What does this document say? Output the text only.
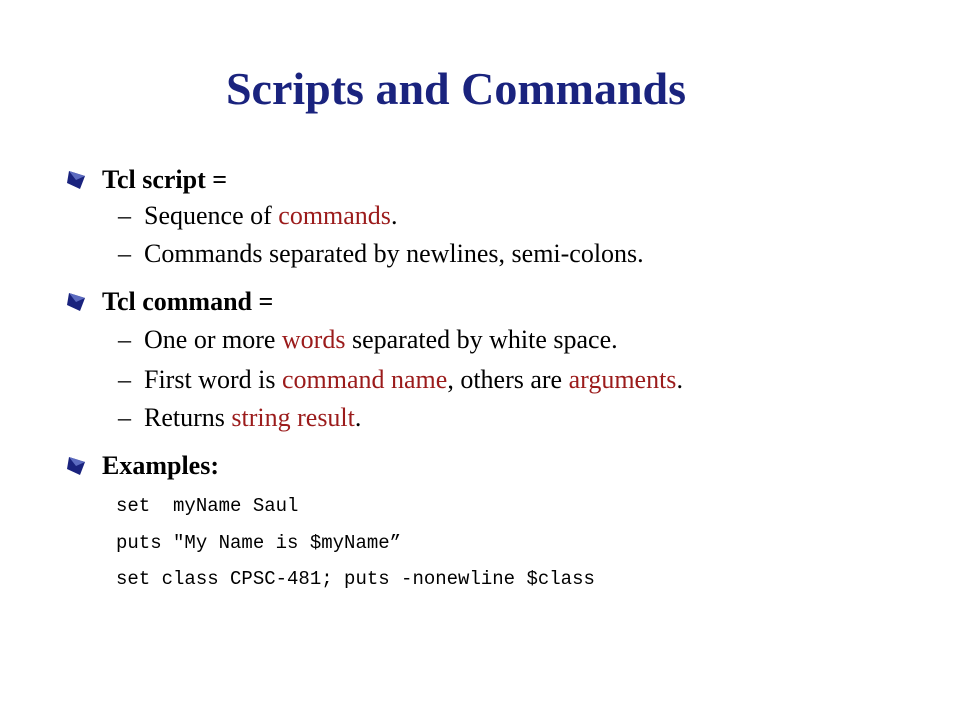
Scripts and Commands
Tcl script =
– Sequence of commands.
– Commands separated by newlines, semi-colons.
Tcl command =
– One or more words separated by white space.
– First word is command name, others are arguments.
– Returns string result.
Examples:
set  myName Saul
puts "My Name is $myName”
set class CPSC-481; puts -nonewline $class
